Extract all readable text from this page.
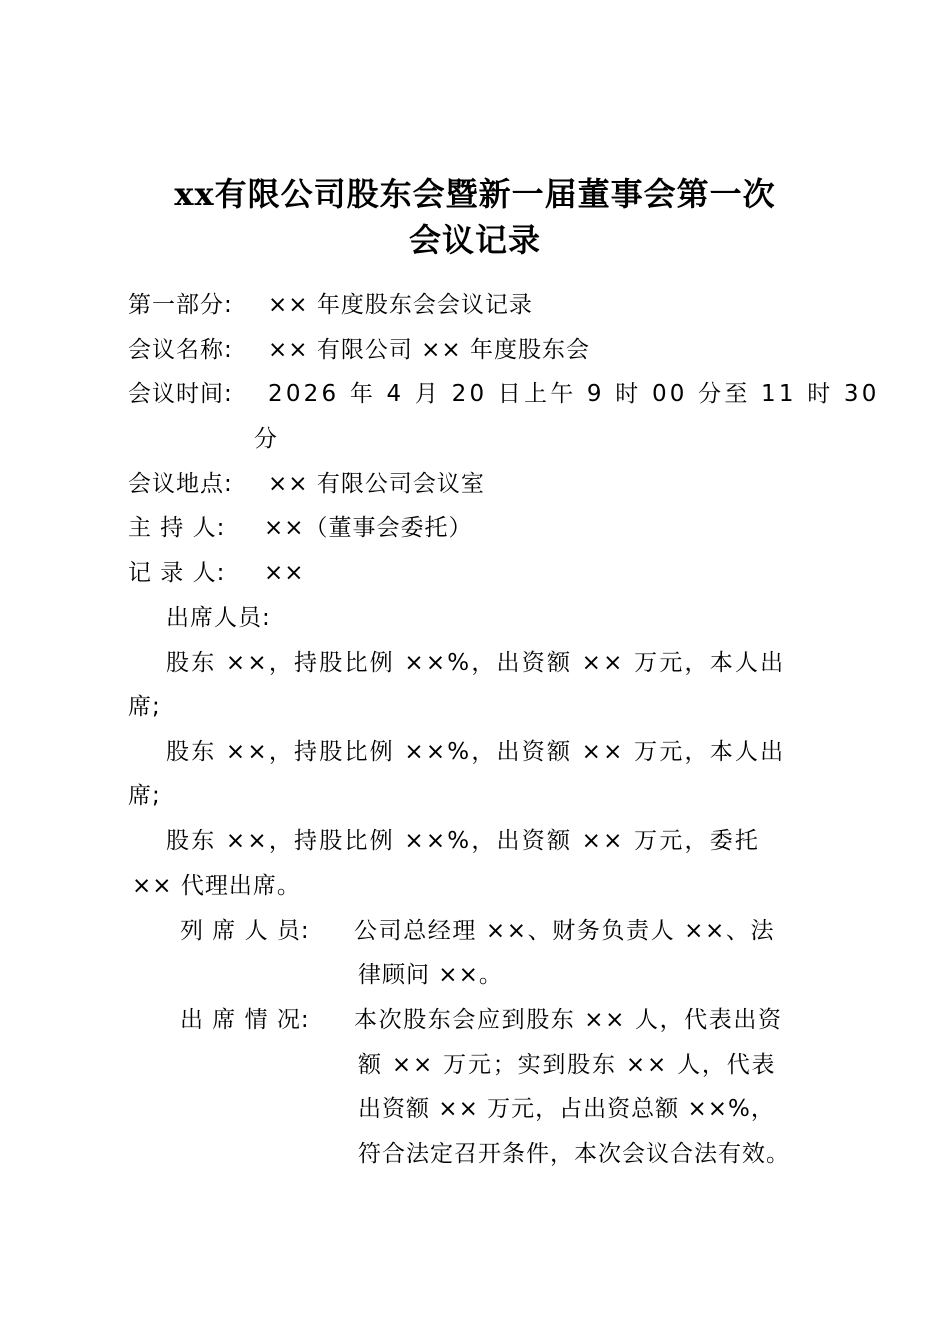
xx有限公司股东会暨新一届董事会第一次
会议记录
第一部分: ×× 年度股东会会议记录
会议名称: ×× 有限公司 ×× 年度股东会
会议时间: 2026 年 4 月 20 日上午 9 时 00 分至 11 时 30
分
会议地点: ×× 有限公司会议室
主 持 人: ××（董事会委托）
记 录 人: ××
出席人员:
股东 ××，持股比例 ××%，出资额 ×× 万元，本人出
席;
股东 ××，持股比例 ××%，出资额 ×× 万元，本人出
席;
股东 ××，持股比例 ××%，出资额 ×× 万元，委托
×× 代理出席。
列 席 人 员: 公司总经理 ××、财务负责人 ××、法
律顾问 ××。
出 席 情 况: 本次股东会应到股东 ×× 人，代表出资
额 ×× 万元；实到股东 ×× 人，代表
出资额 ×× 万元，占出资总额 ××%，
符合法定召开条件，本次会议合法有效。
